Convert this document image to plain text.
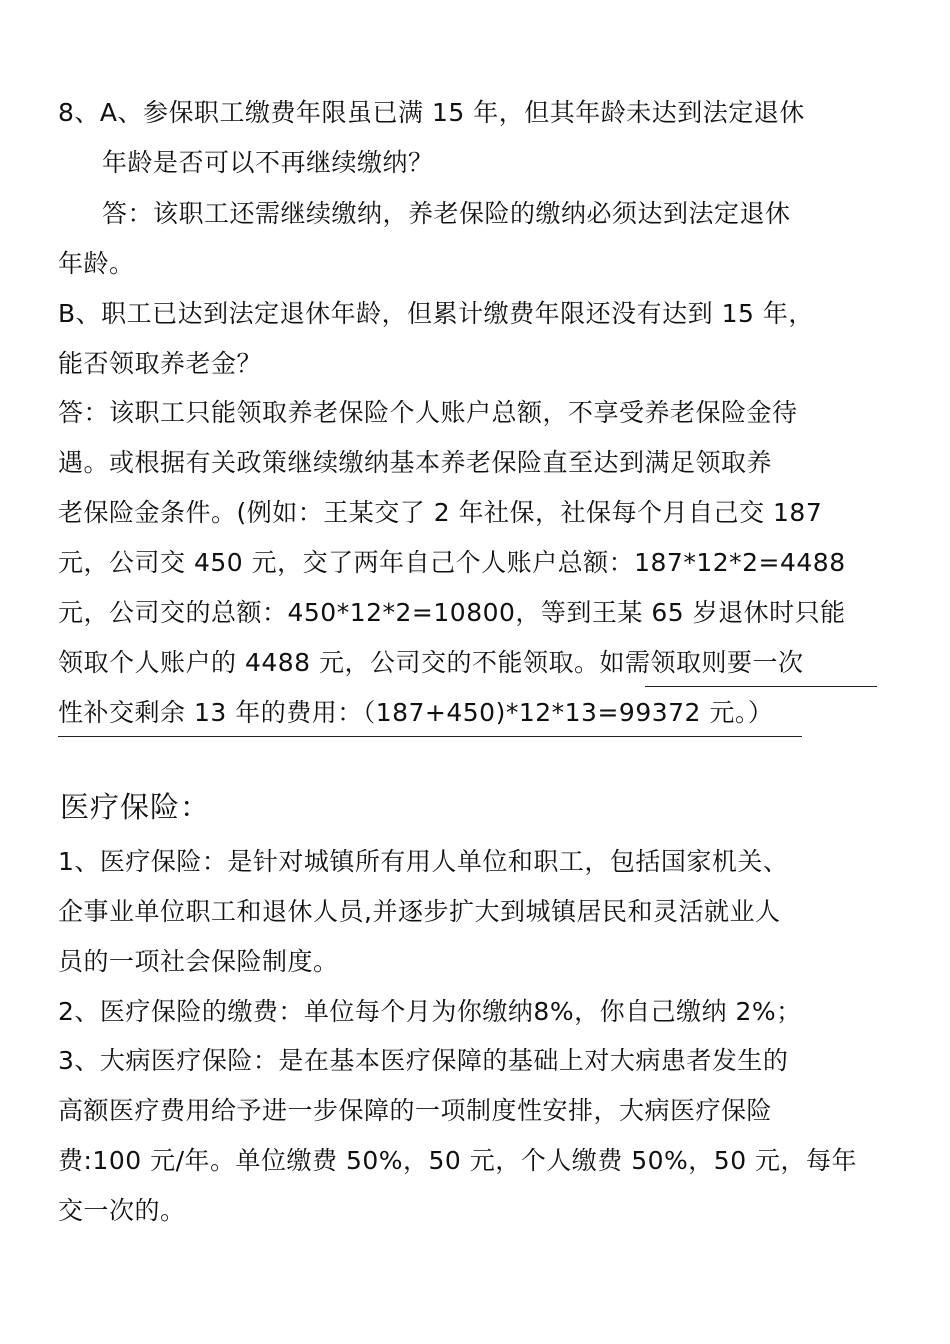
8、A、参保职工缴费年限虽已满 15 年，但其年龄未达到法定退休
年龄是否可以不再继续缴纳？
答：该职工还需继续缴纳，养老保险的缴纳必须达到法定退休
年龄。
B、职工已达到法定退休年龄，但累计缴费年限还没有达到 15 年，
能否领取养老金？
答：该职工只能领取养老保险个人账户总额，不享受养老保险金待
遇。或根据有关政策继续缴纳基本养老保险直至达到满足领取养
老保险金条件。(例如：王某交了 2 年社保，社保每个月自己交 187
元，公司交 450 元，交了两年自己个人账户总额：187*12*2=4488
元，公司交的总额：450*12*2=10800，等到王某 65 岁退休时只能
领取个人账户的 4488 元，公司交的不能领取。如需领取则要一次
性补交剩余 13 年的费用：（187+450)*12*13=99372 元。）
医疗保险：
1、医疗保险：是针对城镇所有用人单位和职工，包括国家机关、
企事业单位职工和退休人员,并逐步扩大到城镇居民和灵活就业人
员的一项社会保险制度。
2、医疗保险的缴费：单位每个月为你缴纳8%，你自己缴纳 2%；
3、大病医疗保险：是在基本医疗保障的基础上对大病患者发生的
高额医疗费用给予进一步保障的一项制度性安排，大病医疗保险
费:100 元/年。单位缴费 50%，50 元，个人缴费 50%，50 元，每年
交一次的。
